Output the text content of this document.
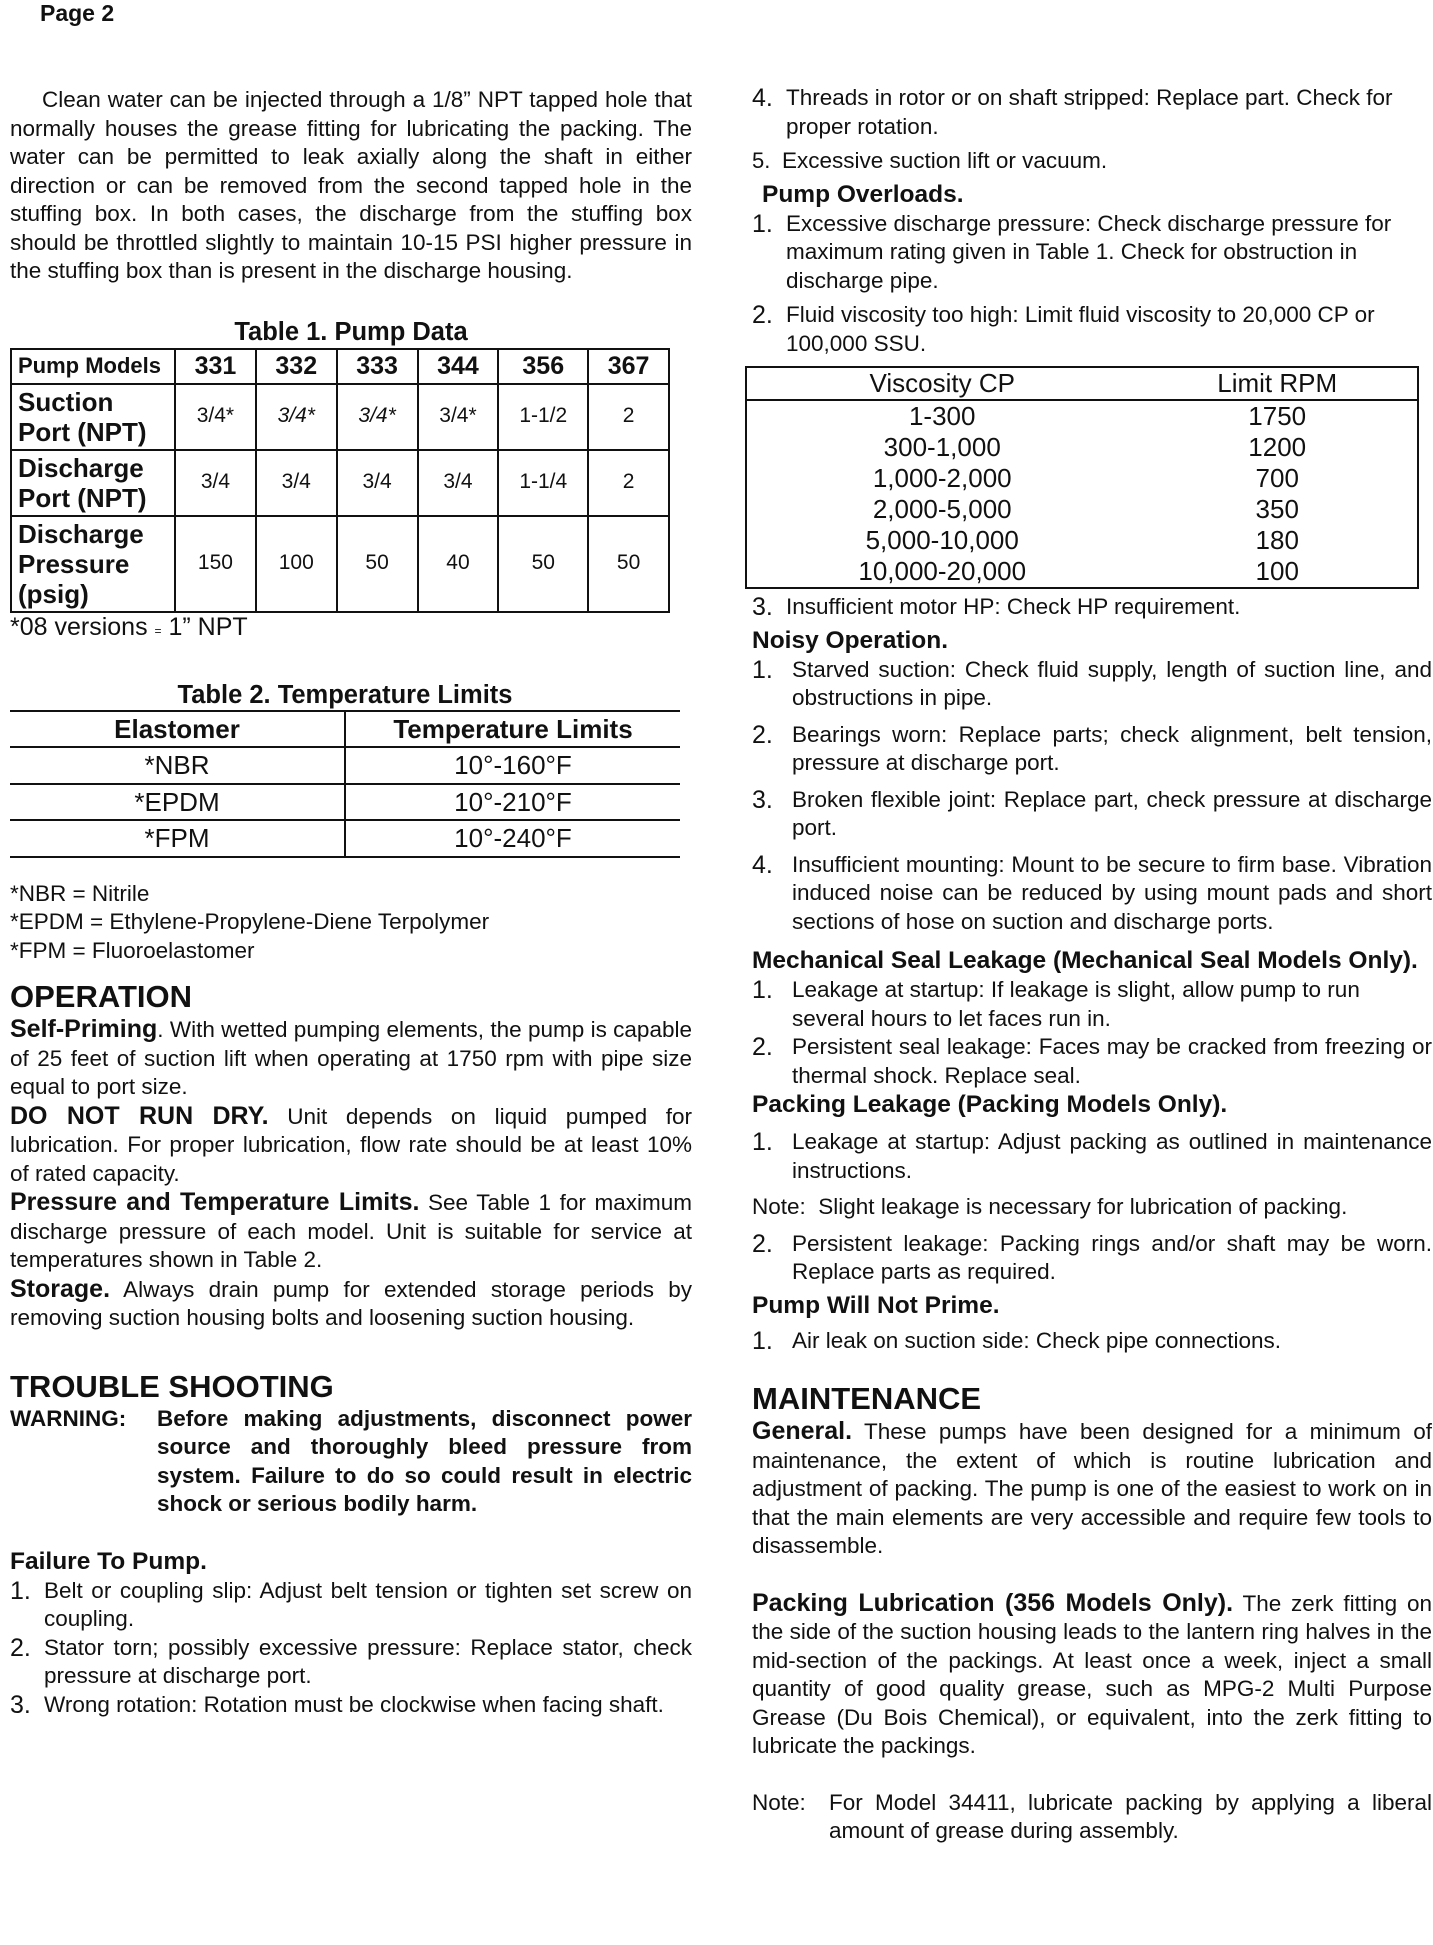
Page 2

Clean water can be injected through a 1/8” NPT tapped hole that normally houses the grease fitting for lubricating the packing. The water can be permitted to leak axially along the shaft in either direction or can be removed from the second tapped hole in the stuffing box. In both cases, the discharge from the stuffing box should be throttled slightly to maintain 10-15 PSI higher pressure in the stuffing box than is present in the discharge housing.

Table 1. Pump Data

Pump Models	331	332	333	344	356	367
Suction Port (NPT)	3/4*	3/4*	3/4*	3/4*	1-1/2	2
Discharge Port (NPT)	3/4	3/4	3/4	3/4	1-1/4	2
Discharge Pressure (psig)	150	100	50	40	50	50

*08 versions = 1” NPT

Table 2. Temperature Limits

Elastomer	Temperature Limits
*NBR	10°-160°F
*EPDM	10°-210°F
*FPM	10°-240°F

*NBR = Nitrile

*EPDM = Ethylene-Propylene-Diene Terpolymer

*FPM = Fluoroelastomer

OPERATION

Self-Priming. With wetted pumping elements, the pump is capable of 25 feet of suction lift when operating at 1750 rpm with pipe size equal to port size.

DO NOT RUN DRY. Unit depends on liquid pumped for lubrication. For proper lubrication, flow rate should be at least 10% of rated capacity.

Pressure and Temperature Limits. See Table 1 for maximum discharge pressure of each model. Unit is suitable for service at temperatures shown in Table 2.

Storage. Always drain pump for extended storage periods by removing suction housing bolts and loosening suction housing.

TROUBLE SHOOTING

WARNING:	Before making adjustments, disconnect power source and thoroughly bleed pressure from system. Failure to do so could result in electric shock or serious bodily harm.

Failure To Pump.

1. Belt or coupling slip: Adjust belt tension or tighten set screw on coupling.
2. Stator torn; possibly excessive pressure: Replace stator, check pressure at discharge port.
3. Wrong rotation: Rotation must be clockwise when facing shaft.
4. Threads in rotor or on shaft stripped: Replace part. Check for proper rotation.
5. Excessive suction lift or vacuum.

Pump Overloads.

1. Excessive discharge pressure: Check discharge pressure for maximum rating given in Table 1. Check for obstruction in discharge pipe.
2. Fluid viscosity too high: Limit fluid viscosity to 20,000 CP or 100,000 SSU.
Viscosity CP	Limit RPM
1-300	1750
300-1,000	1200
1,000-2,000	700
2,000-5,000	350
5,000-10,000	180
10,000-20,000	100
3. Insufficient motor HP: Check HP requirement.

Noisy Operation.

1. Starved suction: Check fluid supply, length of suction line, and obstructions in pipe.
2. Bearings worn: Replace parts; check alignment, belt tension, pressure at discharge port.
3. Broken flexible joint: Replace part, check pressure at discharge port.
4. Insufficient mounting: Mount to be secure to firm base. Vibration induced noise can be reduced by using mount pads and short sections of hose on suction and discharge ports.

Mechanical Seal Leakage (Mechanical Seal Models Only).

1. Leakage at startup: If leakage is slight, allow pump to run several hours to let faces run in.
2. Persistent seal leakage: Faces may be cracked from freezing or thermal shock. Replace seal.

Packing Leakage (Packing Models Only).

1. Leakage at startup: Adjust packing as outlined in maintenance instructions.

Note:  Slight leakage is necessary for lubrication of packing.

2. Persistent leakage: Packing rings and/or shaft may be worn. Replace parts as required.

Pump Will Not Prime.

1. Air leak on suction side: Check pipe connections.

MAINTENANCE

General. These pumps have been designed for a minimum of maintenance, the extent of which is routine lubrication and adjustment of packing. The pump is one of the easiest to work on in that the main elements are very accessible and require few tools to disassemble.

Packing Lubrication (356 Models Only). The zerk fitting on the side of the suction housing leads to the lantern ring halves in the mid-section of the packings. At least once a week, inject a small quantity of good quality grease, such as MPG-2 Multi Purpose Grease (Du Bois Chemical), or equivalent, into the zerk fitting to lubricate the packings.

Note:	For Model 34411, lubricate packing by applying a liberal amount of grease during assembly.
